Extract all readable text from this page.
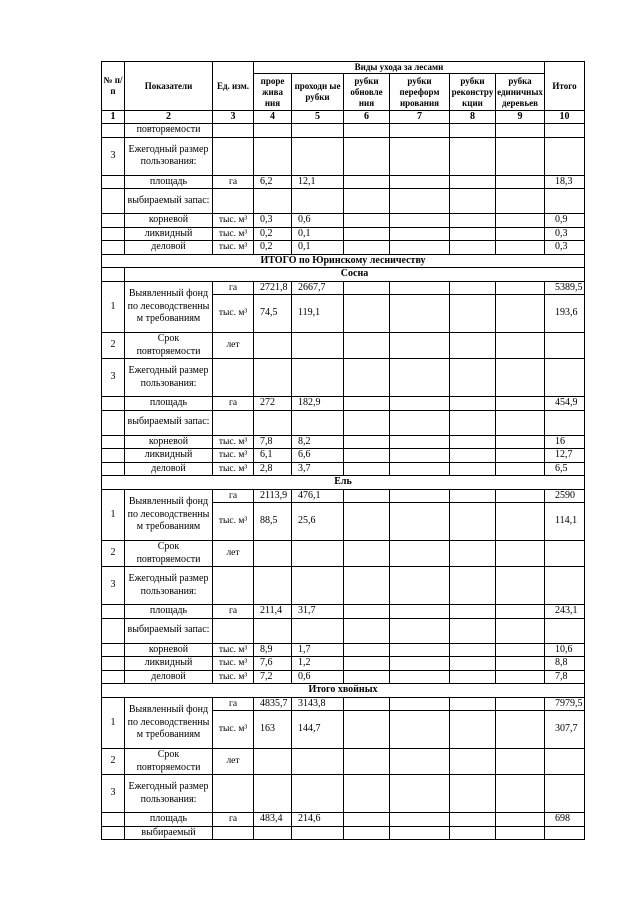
№ п/ п	Показатели	Ед. изм.	Виды ухода за лесами						Итого
			проре живa ния	проходн ые рубки	рубки обновле ния	рубки переформ ирования	рубки реконстру кции	рубка единичных деревьев	
1	2	3	4	5	6	7	8	9	10
	повторяемости								
3	Ежегодный размер пользования:								
	площадь	га	6,2	12,1					18,3
	выбираемый запас:								
	корневой	тыс. м³	0,3	0,6					0,9
	ликвидный	тыс. м³	0,2	0,1					0,3
	деловой	тыс. м³	0,2	0,1					0,3
ИТОГО по Юринскому лесничеству									
	Сосна								
1	Выявленный фонд по лесоводственны м требованиям	га	2721,8	2667,7					5389,5
		тыс. м³	74,5	119,1					193,6

2	Срок повторяемости	лет							
3	Ежегодный размер пользования:								
	площадь	га	272	182,9					454,9
	выбираемый запас:								
	корневой	тыс. м³	7,8	8,2					16
	ликвидный	тыс. м³	6,1	6,6					12,7
	деловой	тыс. м³	2,8	3,7					6,5
Ель									
1	Выявленный фонд по лесоводственны м требованиям	га	2113,9	476,1					2590
		тыс. м³	88,5	25,6					114,1

2	Срок повторяемости	лет							
3	Ежегодный размер пользования:								
	площадь	га	211,4	31,7					243,1
	выбираемый запас:								
	корневой	тыс. м³	8,9	1,7					10,6
	ликвидный	тыс. м³	7,6	1,2					8,8
	деловой	тыс. м³	7,2	0,6					7,8
Итого хвойных									
1	Выявленный фонд по лесоводственны м требованиям	га	4835,7	3143,8					7979,5
		тыс. м³	163	144,7					307,7

2	Срок повторяемости	лет							
3	Ежегодный размер пользования:								
	площадь	га	483,4	214,6					698
	выбираемый								
